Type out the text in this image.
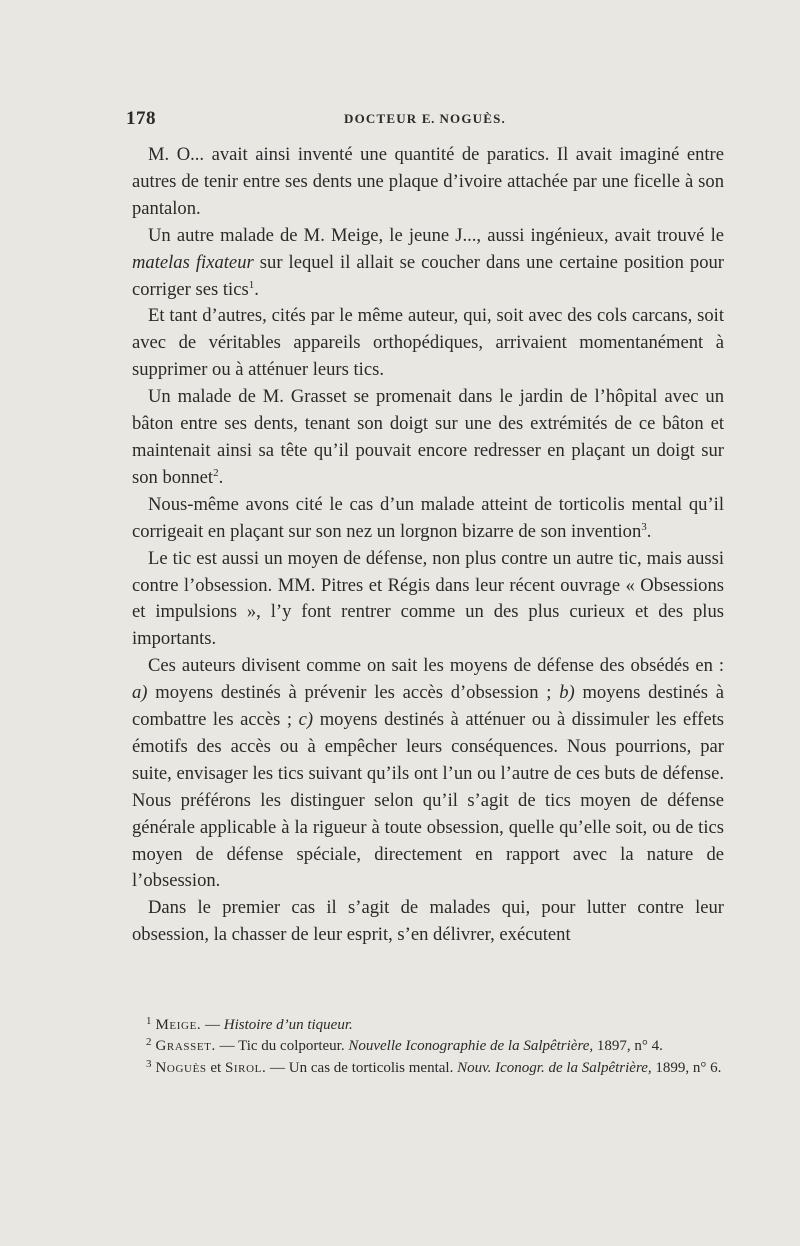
178	DOCTEUR E. NOGUÈS.

M. O... avait ainsi inventé une quantité de paratics. Il avait imaginé entre autres de tenir entre ses dents une plaque d’ivoire attachée par une ficelle à son pantalon.

Un autre malade de M. Meige, le jeune J..., aussi ingénieux, avait trouvé le matelas fixateur sur lequel il allait se coucher dans une certaine position pour corriger ses tics$^1$.

Et tant d’autres, cités par le même auteur, qui, soit avec des cols carcans, soit avec de véritables appareils orthopédiques, arrivaient momentanément à supprimer ou à atténuer leurs tics.

Un malade de M. Grasset se promenait dans le jardin de l’hôpital avec un bâton entre ses dents, tenant son doigt sur une des extrémités de ce bâton et maintenait ainsi sa tête qu’il pouvait encore redresser en plaçant un doigt sur son bonnet$^2$.

Nous-même avons cité le cas d’un malade atteint de torticolis mental qu’il corrigeait en plaçant sur son nez un lorgnon bizarre de son invention$^3$.

Le tic est aussi un moyen de défense, non plus contre un autre tic, mais aussi contre l’obsession. MM. Pitres et Régis dans leur récent ouvrage « Obsessions et impulsions », l’y font rentrer comme un des plus curieux et des plus importants.

Ces auteurs divisent comme on sait les moyens de défense des obsédés en : a) moyens destinés à prévenir les accès d’obsession ; b) moyens destinés à combattre les accès ; c) moyens destinés à atténuer ou à dissimuler les effets émotifs des accès ou à empêcher leurs conséquences. Nous pourrions, par suite, envisager les tics suivant qu’ils ont l’un ou l’autre de ces buts de défense. Nous préférons les distinguer selon qu’il s’agit de tics moyen de défense générale applicable à la rigueur à toute obsession, quelle qu’elle soit, ou de tics moyen de défense spéciale, directement en rapport avec la nature de l’obsession.

Dans le premier cas il s’agit de malades qui, pour lutter contre leur obsession, la chasser de leur esprit, s’en délivrer, exécutent

$^1$ Meige. — Histoire d’un tiqueur.

$^2$ Grasset. — Tic du colporteur. Nouvelle Iconographie de la Salpêtrière, 1897, n° 4.

$^3$ Noguès et Sirol. — Un cas de torticolis mental. Nouv. Iconogr. de la Salpêtrière, 1899, n° 6.
